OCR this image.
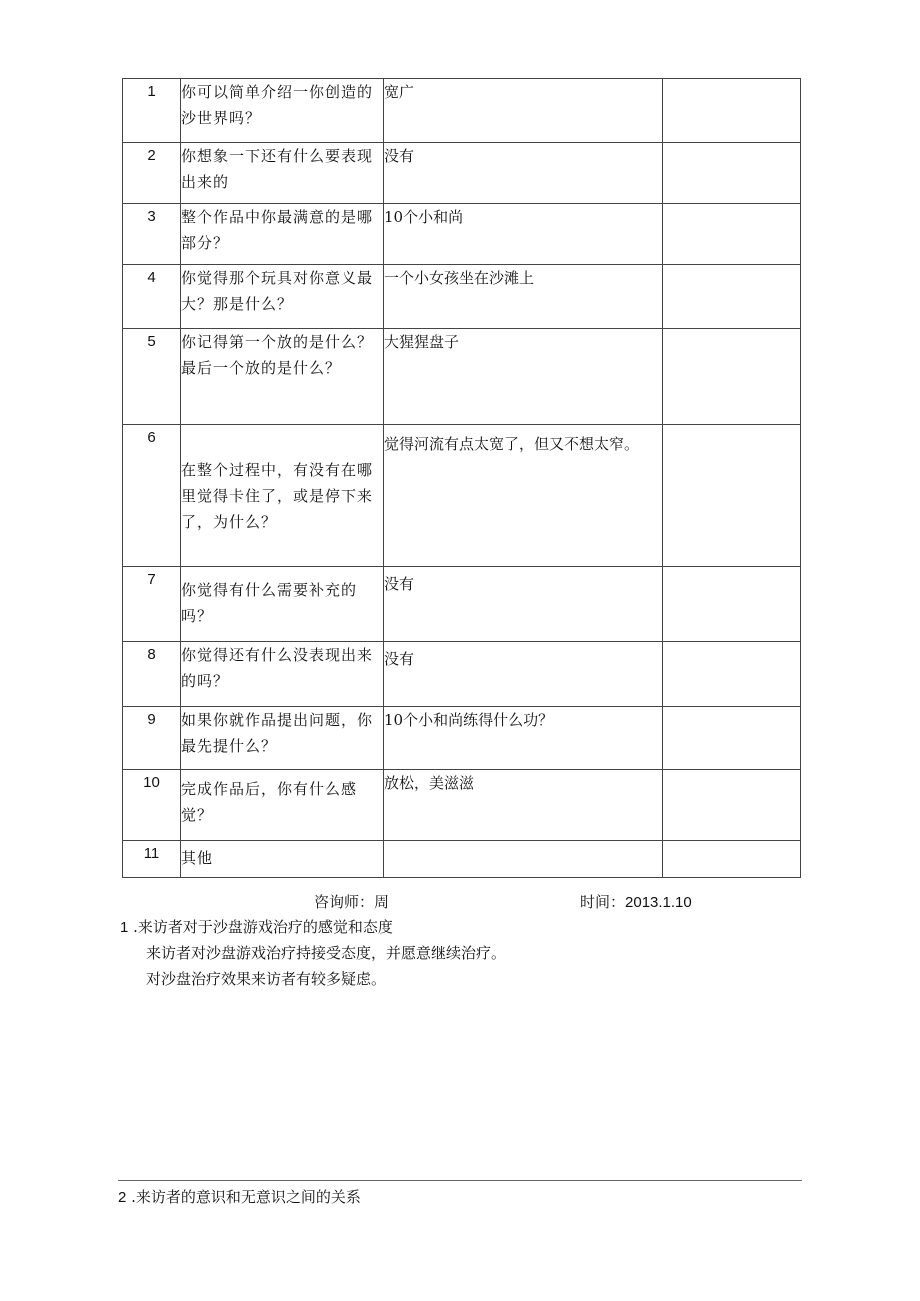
1	你可以简单介绍一你创造的沙世界吗？	宽广	
2	你想象一下还有什么要表现出来的	没有	
3	整个作品中你最满意的是哪部分？	10个小和尚	
4	你觉得那个玩具对你意义最大？那是什么？	一个小女孩坐在沙滩上	
5	你记得第一个放的是什么？最后一个放的是什么？	大猩猩盘子	
6	在整个过程中，有没有在哪里觉得卡住了，或是停下来了，为什么？	觉得河流有点太宽了，但又不想太窄。	
7	你觉得有什么需要补充的吗？	没有	
8	你觉得还有什么没表现出来的吗？	没有	
9	如果你就作品提出问题，你最先提什么？	10个小和尚练得什么功？	
10	完成作品后，你有什么感觉？	放松，美滋滋	
11	其他		
咨询师：周	时间：2013.1.10
1 .来访者对于沙盘游戏治疗的感觉和态度
来访者对沙盘游戏治疗持接受态度，并愿意继续治疗。
对沙盘治疗效果来访者有较多疑虑。
2 .来访者的意识和无意识之间的关系
